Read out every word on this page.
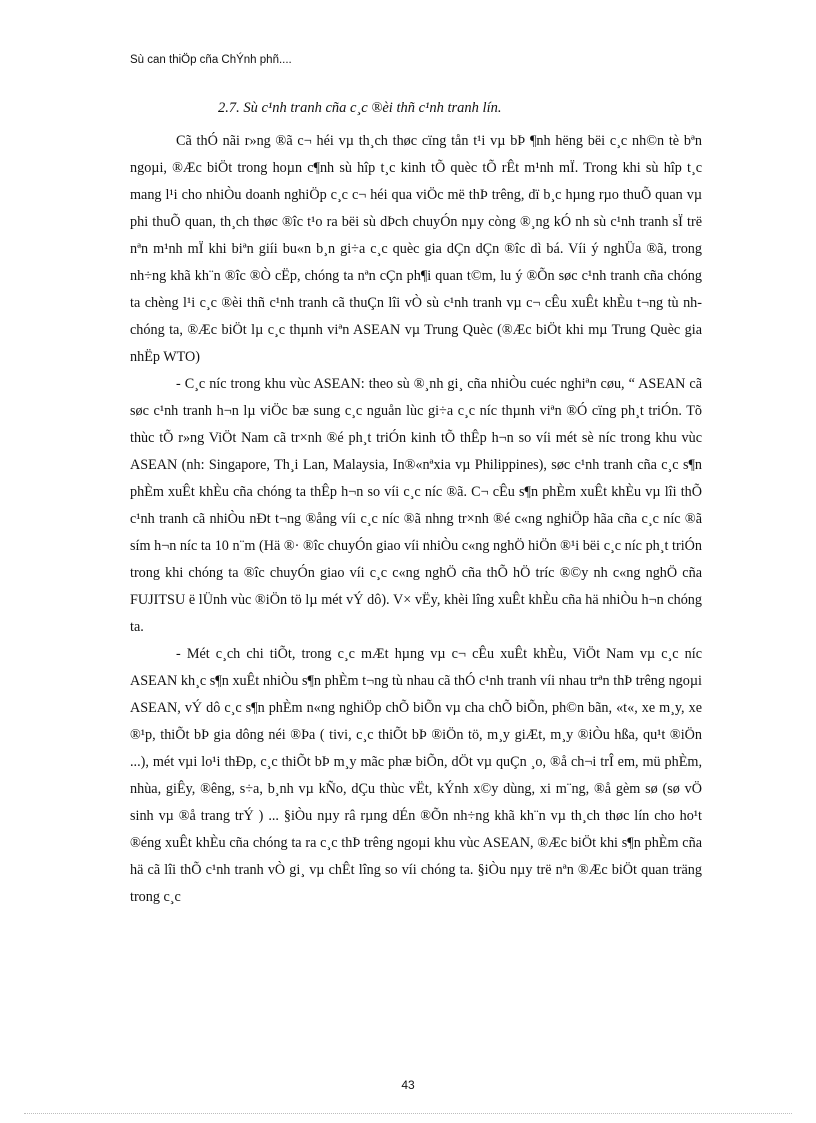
Sù can thiÖp cña ChÝnh phñ....
2.7. Sù c¹nh tranh cña c¸c ®èi thñ c¹nh tranh lín.

Cã thÓ nãi r»ng ®ã c¬ héi vµ th¸ch thøc cïng tån t¹i vµ bÞ ¶nh hëng bëi c¸c nh©n tè bªn ngoµi, ®Æc biÖt trong hoµn c¶nh sù hîp t¸c kinh tÕ quèc tÕ rÊt m¹nh mÏ. Trong khi sù hîp t¸c mang l¹i cho nhiÒu doanh nghiÖp c¸c c¬ héi qua viÖc më thÞ trêng, dï b¸c hµng rµo thuÕ quan vµ phi thuÕ quan, th¸ch thøc ®îc t¹o ra bëi sù dÞch chuyÓn nµy còng ®¸ng kÓ nh sù c¹nh tranh sÏ trë nªn m¹nh mÏ khi biªn giíi bu«n b¸n gi÷a c¸c quèc gia dÇn dÇn ®îc dì bá. Víi ý nghÜa ®ã, trong nh÷ng khã kh¨n ®îc ®Ò cËp, chóng ta nªn cÇn ph¶i quan t©m, lu ý ®Õn søc c¹nh tranh cña chóng ta chèng l¹i c¸c ®èi thñ c¹nh tranh cã thuÇn lîi vÒ sù c¹nh tranh vµ c¬ cÊu xuÊt khÈu t¬ng tù nh chóng ta, ®Æc biÖt lµ c¸c thµnh viªn ASEAN vµ Trung Quèc (®Æc biÖt khi mµ Trung Quèc gia nhËp WTO)

- C¸c níc trong khu vùc ASEAN: theo sù ®¸nh gi¸ cña nhiÒu cuéc nghiªn cøu, “ ASEAN cã søc c¹nh tranh h¬n lµ viÖc bæ sung c¸c nguån lùc gi÷a c¸c níc thµnh viªn ®Ó cïng ph¸t triÓn. Tõ thùc tÕ r»ng ViÖt Nam cã tr×nh ®é ph¸t triÓn kinh tÕ thÊp h¬n so víi mét sè níc trong khu vùc ASEAN (nh: Singapore, Th¸i Lan, Malaysia, In®«nªxia vµ Philippines), søc c¹nh tranh cña c¸c s¶n phÈm xuÊt khÈu cña chóng ta thÊp h¬n so víi c¸c níc ®ã. C¬ cÊu s¶n phÈm xuÊt khÈu vµ lîi thÕ c¹nh tranh cã nhiÒu nÐt t¬ng ®ång víi c¸c níc ®ã nhng tr×nh ®é c«ng nghiÖp hãa cña c¸c níc ®ã sím h¬n níc ta 10 n¨m (Hä ®· ®îc chuyÓn giao víi nhiÒu c«ng nghÖ hiÖn ®¹i bëi c¸c níc ph¸t triÓn trong khi chóng ta ®îc chuyÓn giao víi c¸c c«ng nghÖ cña thÕ hÖ tríc ®©y nh c«ng nghÖ cña FUJITSU ë lÜnh vùc ®iÖn tö lµ mét vÝ dô). V× vËy, khèi lîng xuÊt khÈu cña hä nhiÒu h¬n chóng ta.

- Mét c¸ch chi tiÕt, trong c¸c mÆt hµng vµ c¬ cÊu xuÊt khÈu, ViÖt Nam vµ c¸c níc ASEAN kh¸c s¶n xuÊt nhiÒu s¶n phÈm t¬ng tù nhau cã thÓ c¹nh tranh víi nhau trªn thÞ trêng ngoµi ASEAN, vÝ dô c¸c s¶n phÈm n«ng nghiÖp chÕ biÕn vµ cha chÕ biÕn, ph©n bãn, «t«, xe m¸y, xe ®¹p, thiÕt bÞ gia dông néi ®Þa ( tivi, c¸c thiÕt bÞ ®iÖn tö, m¸y giÆt, m¸y ®iÒu hßa, qu¹t ®iÖn ...), mét vµi lo¹i thÐp, c¸c thiÕt bÞ m¸y mãc phæ biÕn, dÖt vµ quÇn ¸o, ®å ch¬i trÎ em, mü phÈm, nhùa, giÊy, ®êng, s÷a, b¸nh vµ kÑo, dÇu thùc vËt, kÝnh x©y dùng, xi m¨ng, ®å gèm sø (sø vÖ sinh vµ ®å trang trÝ ) ... §iÒu nµy râ rµng dÉn ®Õn nh÷ng khã kh¨n vµ th¸ch thøc lín cho ho¹t ®éng xuÊt khÈu cña chóng ta ra c¸c thÞ trêng ngoµi khu vùc ASEAN, ®Æc biÖt khi s¶n phÈm cña hä cã lîi thÕ c¹nh tranh vÒ gi¸ vµ chÊt lîng so víi chóng ta. §iÒu nµy trë nªn ®Æc biÖt quan träng trong c¸c

43
